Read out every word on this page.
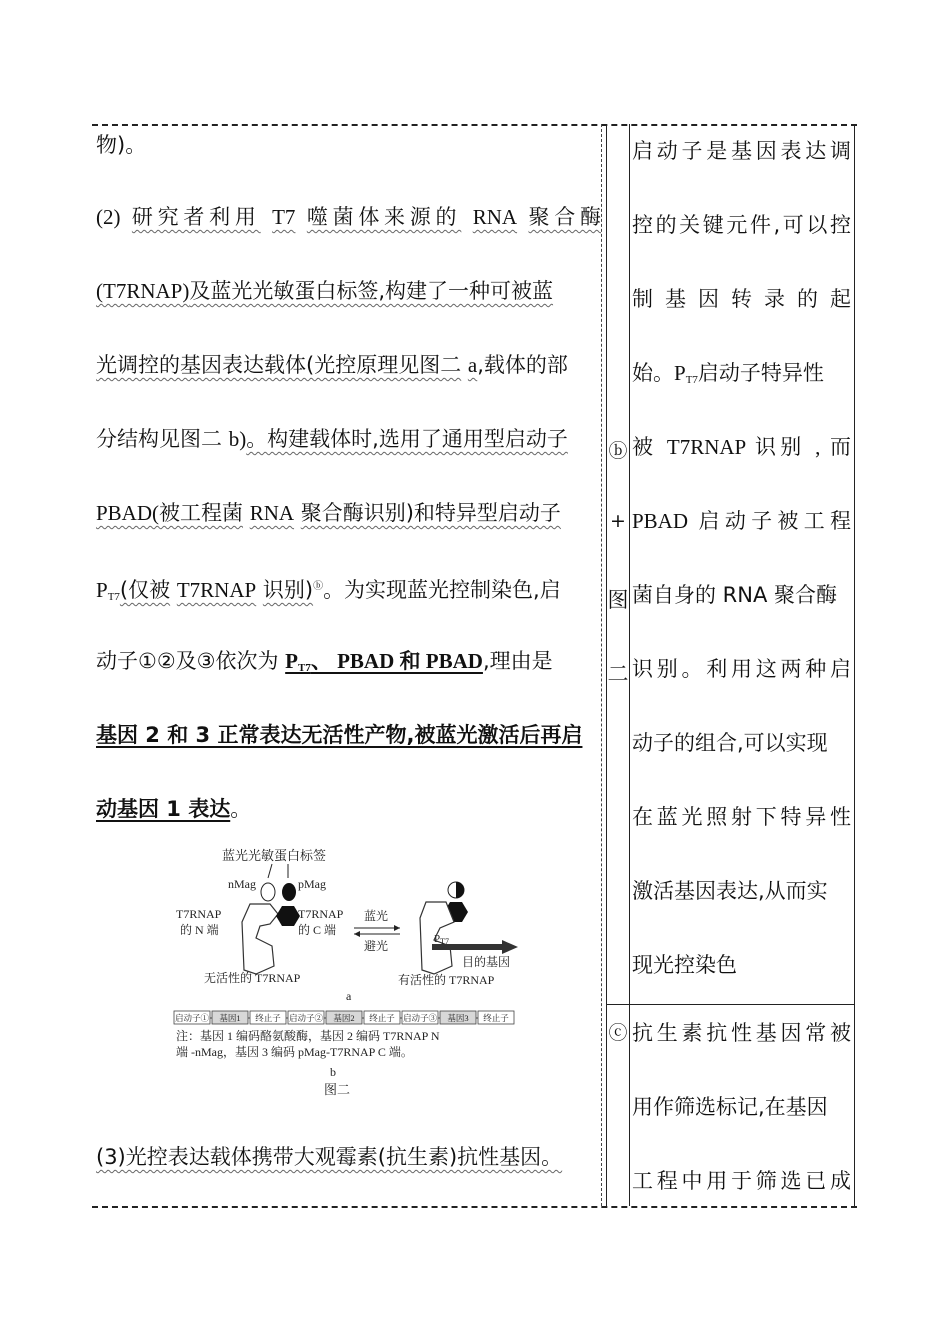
物)。
(2) 研究者利用 T7 噬菌体来源的 RNA 聚合酶
(T7RNAP)及蓝光光敏蛋白标签,构建了一种可被蓝
光调控的基因表达载体(光控原理见图二 a,载体的部
分结构见图二 b)。构建载体时,选用了通用型启动子
PBAD(被工程菌 RNA 聚合酶识别)和特异型启动子
$P_{T7}$(仅被 T7RNAP 识别)ⓑ。为实现蓝光控制染色,启
动子①②及③依次为 $P_{T7}$、 PBAD 和 PBAD,理由是
基因 2 和 3 正常表达无活性产物,被蓝光激活后再启
动基因 1 表达。
(3)光控表达载体携带大观霉素(抗生素)抗性基因。
蓝光光敏蛋白标签
nMag	pMag
T7RNAP
的 N 端
T7RNAP
的 C 端
无活性的 T7RNAP
蓝光
避光	PT7
目的基因
有活性的 T7RNAP
a
启动子① 基因1 终止子 启动子② 基因2 终止子 启动子③ 基因3 终止子
注：基因 1 编码酪氨酸酶，基因 2 编码 T7RNAP N
端 -nMag，基因 3 编码 pMag-T7RNAP C 端。
b
图二
ⓑ
+
图
二
ⓒ
启动子是基因表达调
控的关键元件,可以控
制基因转录的起
始。$P_{T7}$启动子特异性
被 T7RNAP 识别 , 而
PBAD 启动子被工程
菌自身的 RNA 聚合酶
识别。利用这两种启
动子的组合,可以实现
在蓝光照射下特异性
激活基因表达,从而实
现光控染色
抗生素抗性基因常被
用作筛选标记,在基因
工程中用于筛选已成
